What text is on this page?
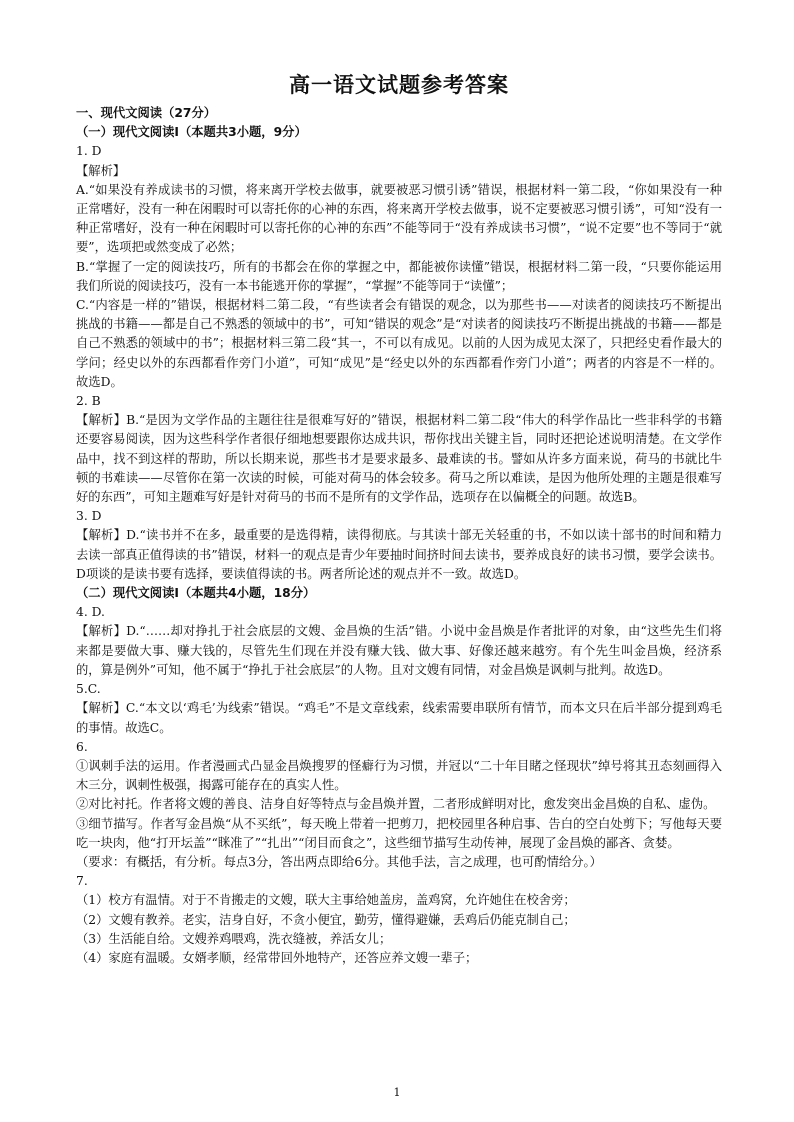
高一语文试题参考答案

一、现代文阅读（27分）

（一）现代文阅读Ⅰ（本题共3小题，9分）

1. D

【解析】

A.“如果没有养成读书的习惯，将来离开学校去做事，就要被恶习惯引诱”错误，根据材料一第二段，“你如果没有一种正常嗜好，没有一种在闲暇时可以寄托你的心神的东西，将来离开学校去做事，说不定要被恶习惯引诱”，可知“没有一种正常嗜好，没有一种在闲暇时可以寄托你的心神的东西”不能等同于“没有养成读书习惯”，“说不定要”也不等同于“就要”，选项把或然变成了必然；

B.“掌握了一定的阅读技巧，所有的书都会在你的掌握之中，都能被你读懂”错误，根据材料二第一段，“只要你能运用我们所说的阅读技巧，没有一本书能逃开你的掌握”，“掌握”不能等同于“读懂”；

C.“内容是一样的”错误，根据材料二第二段，“有些读者会有错误的观念，以为那些书——对读者的阅读技巧不断提出挑战的书籍——都是自己不熟悉的领域中的书”，可知“错误的观念”是“对读者的阅读技巧不断提出挑战的书籍——都是自己不熟悉的领域中的书”；根据材料三第二段“其一，不可以有成见。以前的人因为成见太深了，只把经史看作最大的学问；经史以外的东西都看作旁门小道”，可知“成见”是“经史以外的东西都看作旁门小道”；两者的内容是不一样的。故选D。

2. B

【解析】B.“是因为文学作品的主题往往是很难写好的”错误，根据材料二第二段“伟大的科学作品比一些非科学的书籍还要容易阅读，因为这些科学作者很仔细地想要跟你达成共识，帮你找出关键主旨，同时还把论述说明清楚。在文学作品中，找不到这样的帮助，所以长期来说，那些书才是要求最多、最难读的书。譬如从许多方面来说，荷马的书就比牛顿的书难读——尽管你在第一次读的时候，可能对荷马的体会较多。荷马之所以难读，是因为他所处理的主题是很难写好的东西”，可知主题难写好是针对荷马的书而不是所有的文学作品，选项存在以偏概全的问题。故选B。

3. D

【解析】D.“读书并不在多，最重要的是选得精，读得彻底。与其读十部无关轻重的书，不如以读十部书的时间和精力去读一部真正值得读的书”错误，材料一的观点是青少年要抽时间挤时间去读书，要养成良好的读书习惯，要学会读书。D项谈的是读书要有选择，要读值得读的书。两者所论述的观点并不一致。故选D。

（二）现代文阅读Ⅰ（本题共4小题，18分）

4. D.

【解析】D.“……却对挣扎于社会底层的文嫂、金昌焕的生活”错。小说中金昌焕是作者批评的对象，由“这些先生们将来都是要做大事、赚大钱的，尽管先生们现在并没有赚大钱、做大事、好像还越来越穷。有个先生叫金昌焕，经济系的，算是例外”可知，他不属于“挣扎于社会底层”的人物。且对文嫂有同情，对金昌焕是讽刺与批判。故选D。

5.C.

【解析】C.“本文以‘鸡毛’为线索”错误。“鸡毛”不是文章线索，线索需要串联所有情节，而本文只在后半部分提到鸡毛的事情。故选C。

6.

①讽刺手法的运用。作者漫画式凸显金昌焕搜罗的怪癖行为习惯，并冠以“二十年目睹之怪现状”绰号将其丑态刻画得入木三分，讽刺性极强，揭露可能存在的真实人性。

②对比衬托。作者将文嫂的善良、洁身自好等特点与金昌焕并置，二者形成鲜明对比，愈发突出金昌焕的自私、虚伪。

③细节描写。作者写金昌焕“从不买纸”，每天晚上带着一把剪刀，把校园里各种启事、告白的空白处剪下；写他每天要吃一块肉，他“打开坛盖”“眯准了”“扎出”“闭目而食之”，这些细节描写生动传神，展现了金昌焕的鄙吝、贪婪。

（要求：有概括，有分析。每点3分，答出两点即给6分。其他手法，言之成理，也可酌情给分。）

7.

（1）校方有温情。对于不肯搬走的文嫂，联大主事给她盖房，盖鸡窝，允许她住在校舍旁；

（2）文嫂有教养。老实，洁身自好，不贪小便宜，勤劳，懂得避嫌，丢鸡后仍能克制自己；

（3）生活能自给。文嫂养鸡喂鸡，洗衣缝被，养活女儿；

（4）家庭有温暖。女婿孝顺，经常带回外地特产，还答应养文嫂一辈子；

1
